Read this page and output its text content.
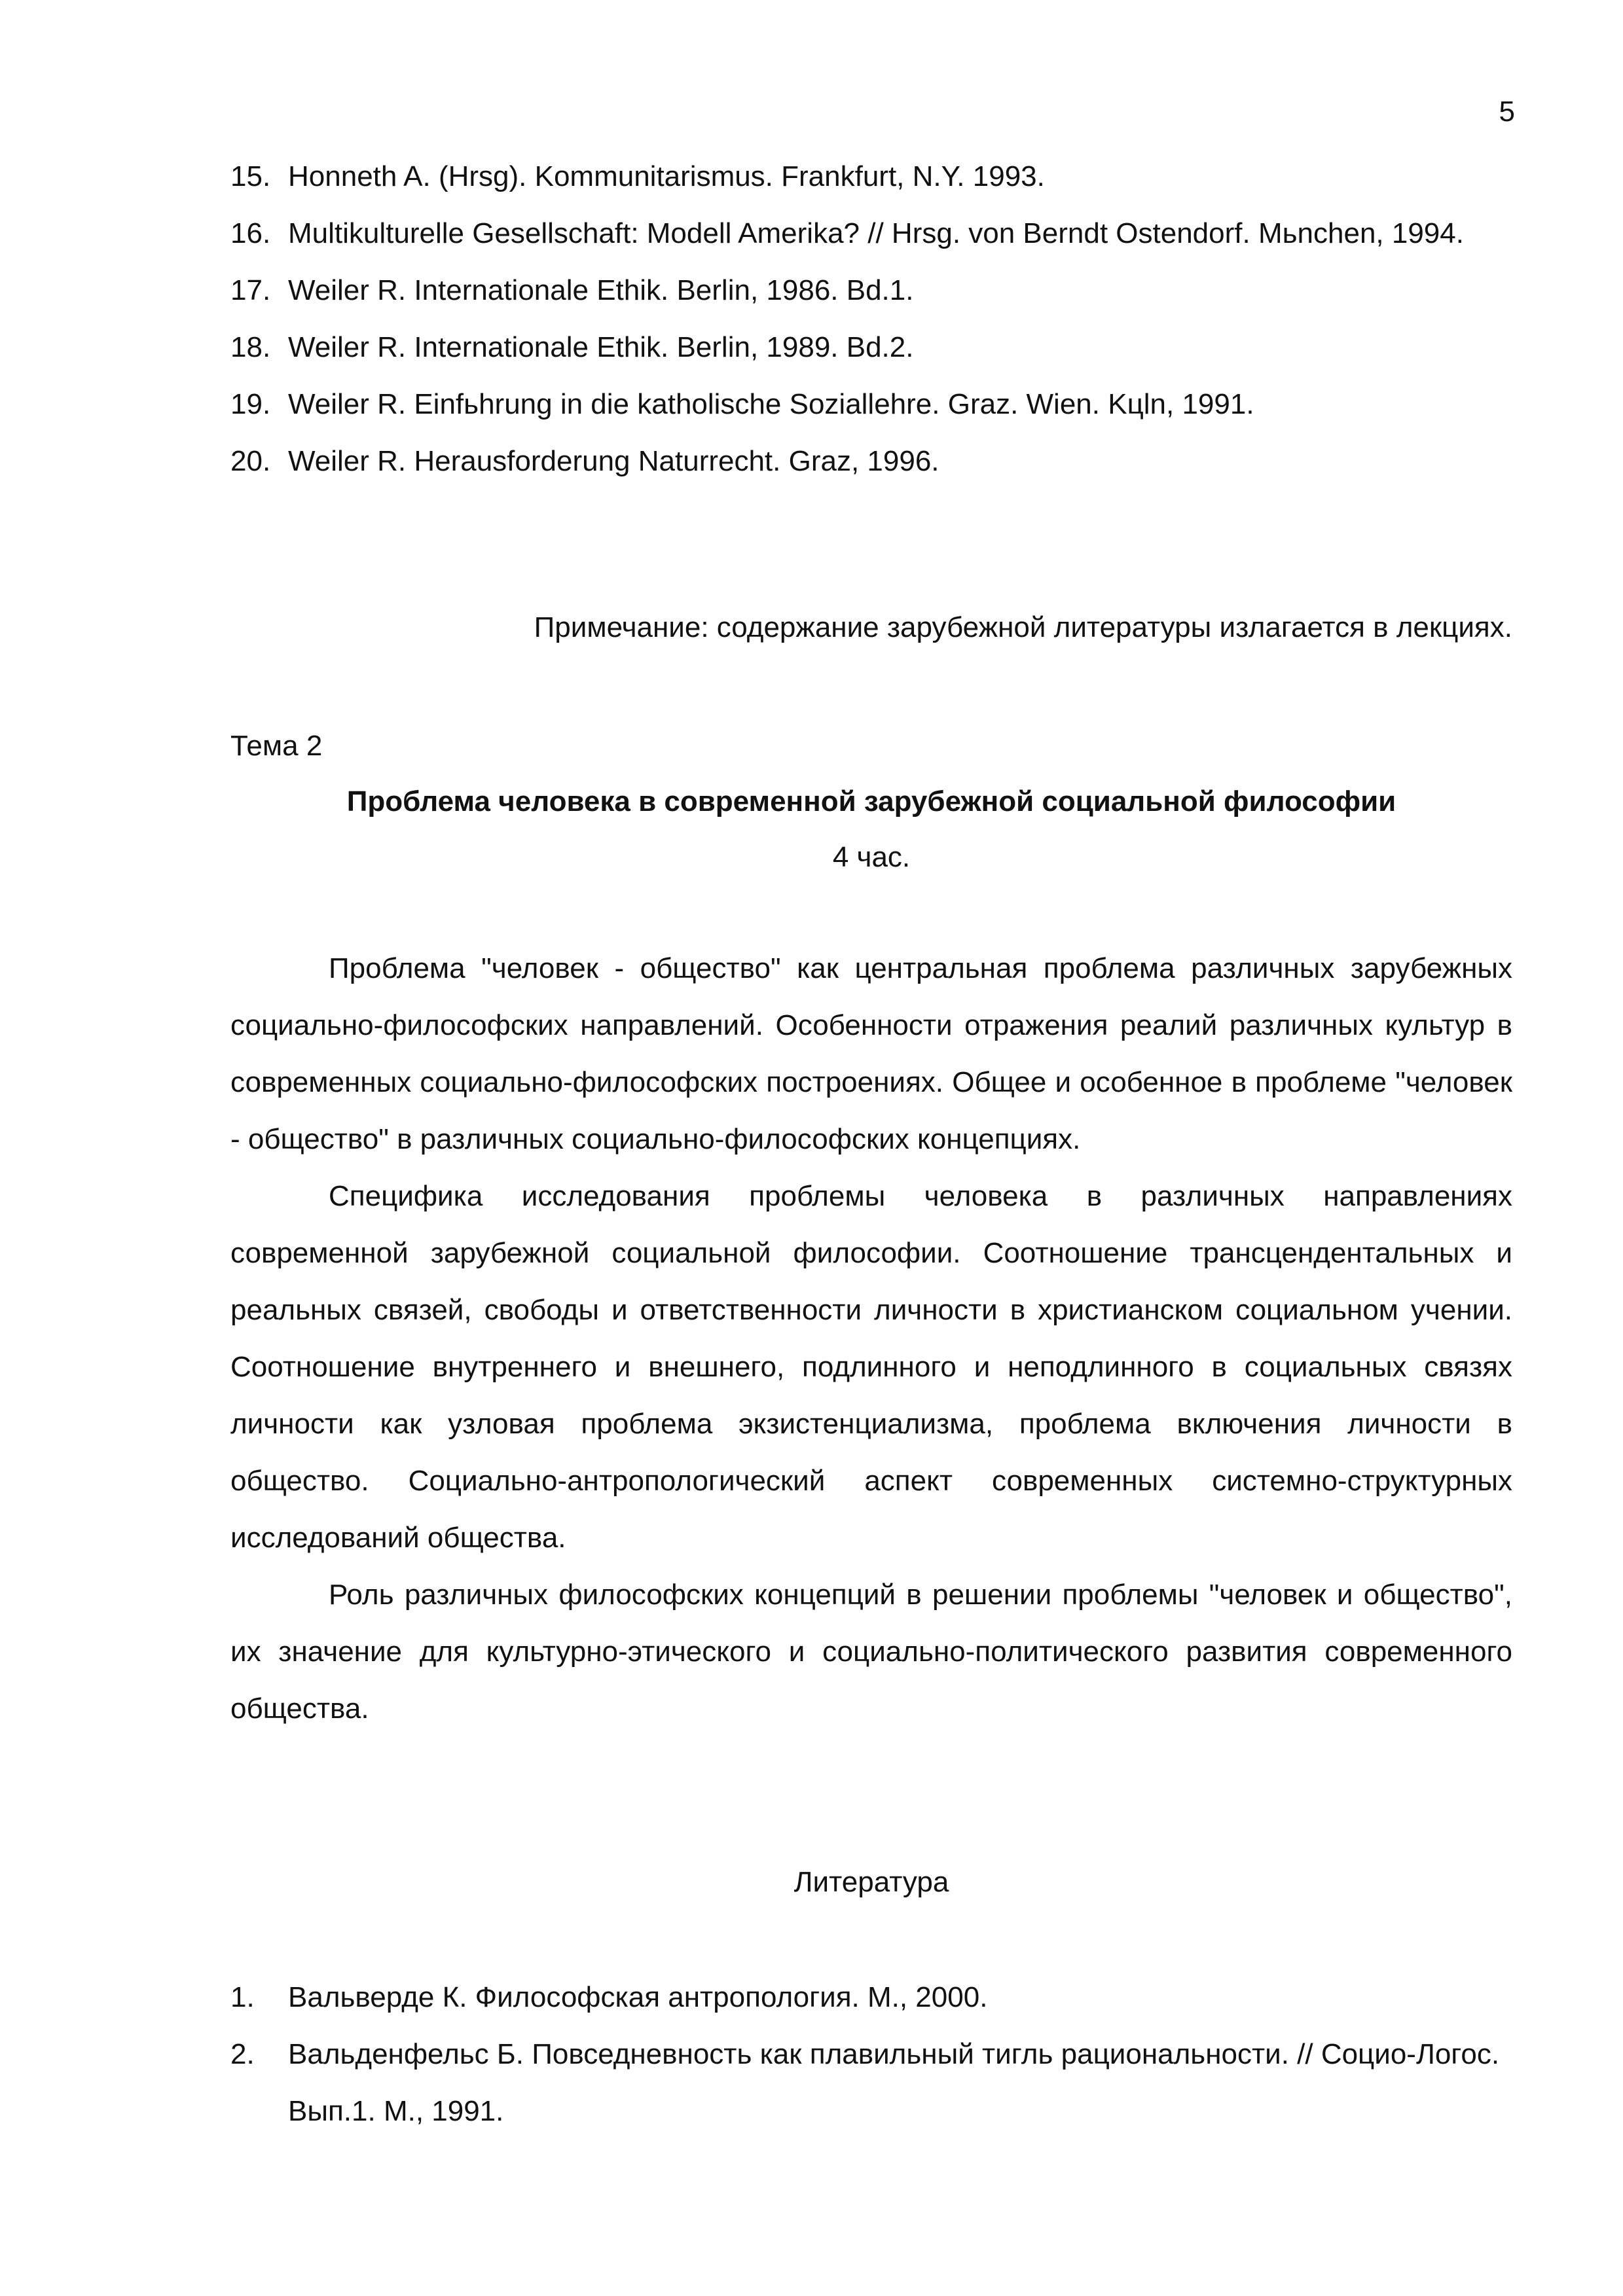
5
15. Honneth A. (Hrsg). Kommunitarismus. Frankfurt, N.Y. 1993.
16. Multikulturelle Gesellschaft: Modell Amerika? // Hrsg. von Berndt Ostendorf. Mьnchen, 1994.
17. Weiler R. Internationale Ethik. Berlin, 1986. Bd.1.
18. Weiler R. Internationale Ethik. Berlin, 1989. Bd.2.
19. Weiler R. Einfьhrung in die katholische Soziallehre. Graz. Wien. Kцln, 1991.
20. Weiler R. Herausforderung Naturrecht. Graz, 1996.
Примечание: содержание зарубежной литературы излагается в лекциях.
Тема 2
Проблема человека в современной зарубежной социальной философии
4 час.

Проблема "человек - общество" как центральная проблема различных зарубежных социально-философских направлений. Особенности отражения реалий различных культур в современных социально-философских построениях. Общее и особенное в проблеме "человек - общество" в различных социально-философских концепциях.

Специфика исследования проблемы человека в различных направлениях современной зарубежной социальной философии. Соотношение трансцендентальных и реальных связей, свободы и ответственности личности в христианском социальном учении. Соотношение внутреннего и внешнего, подлинного и неподлинного в социальных связях личности как узловая проблема экзистенциализма, проблема включения личности в общество. Социально-антропологический аспект современных системно-структурных исследований общества.

Роль различных философских концепций в решении проблемы "человек и общество", их значение для культурно-этического и социально-политического развития современного общества.

Литература
1.	Вальверде К. Философская антропология. М., 2000.
2.	Вальденфельс Б. Повседневность как плавильный тигль рациональности. // Социо-Логос. Вып.1. М., 1991.
